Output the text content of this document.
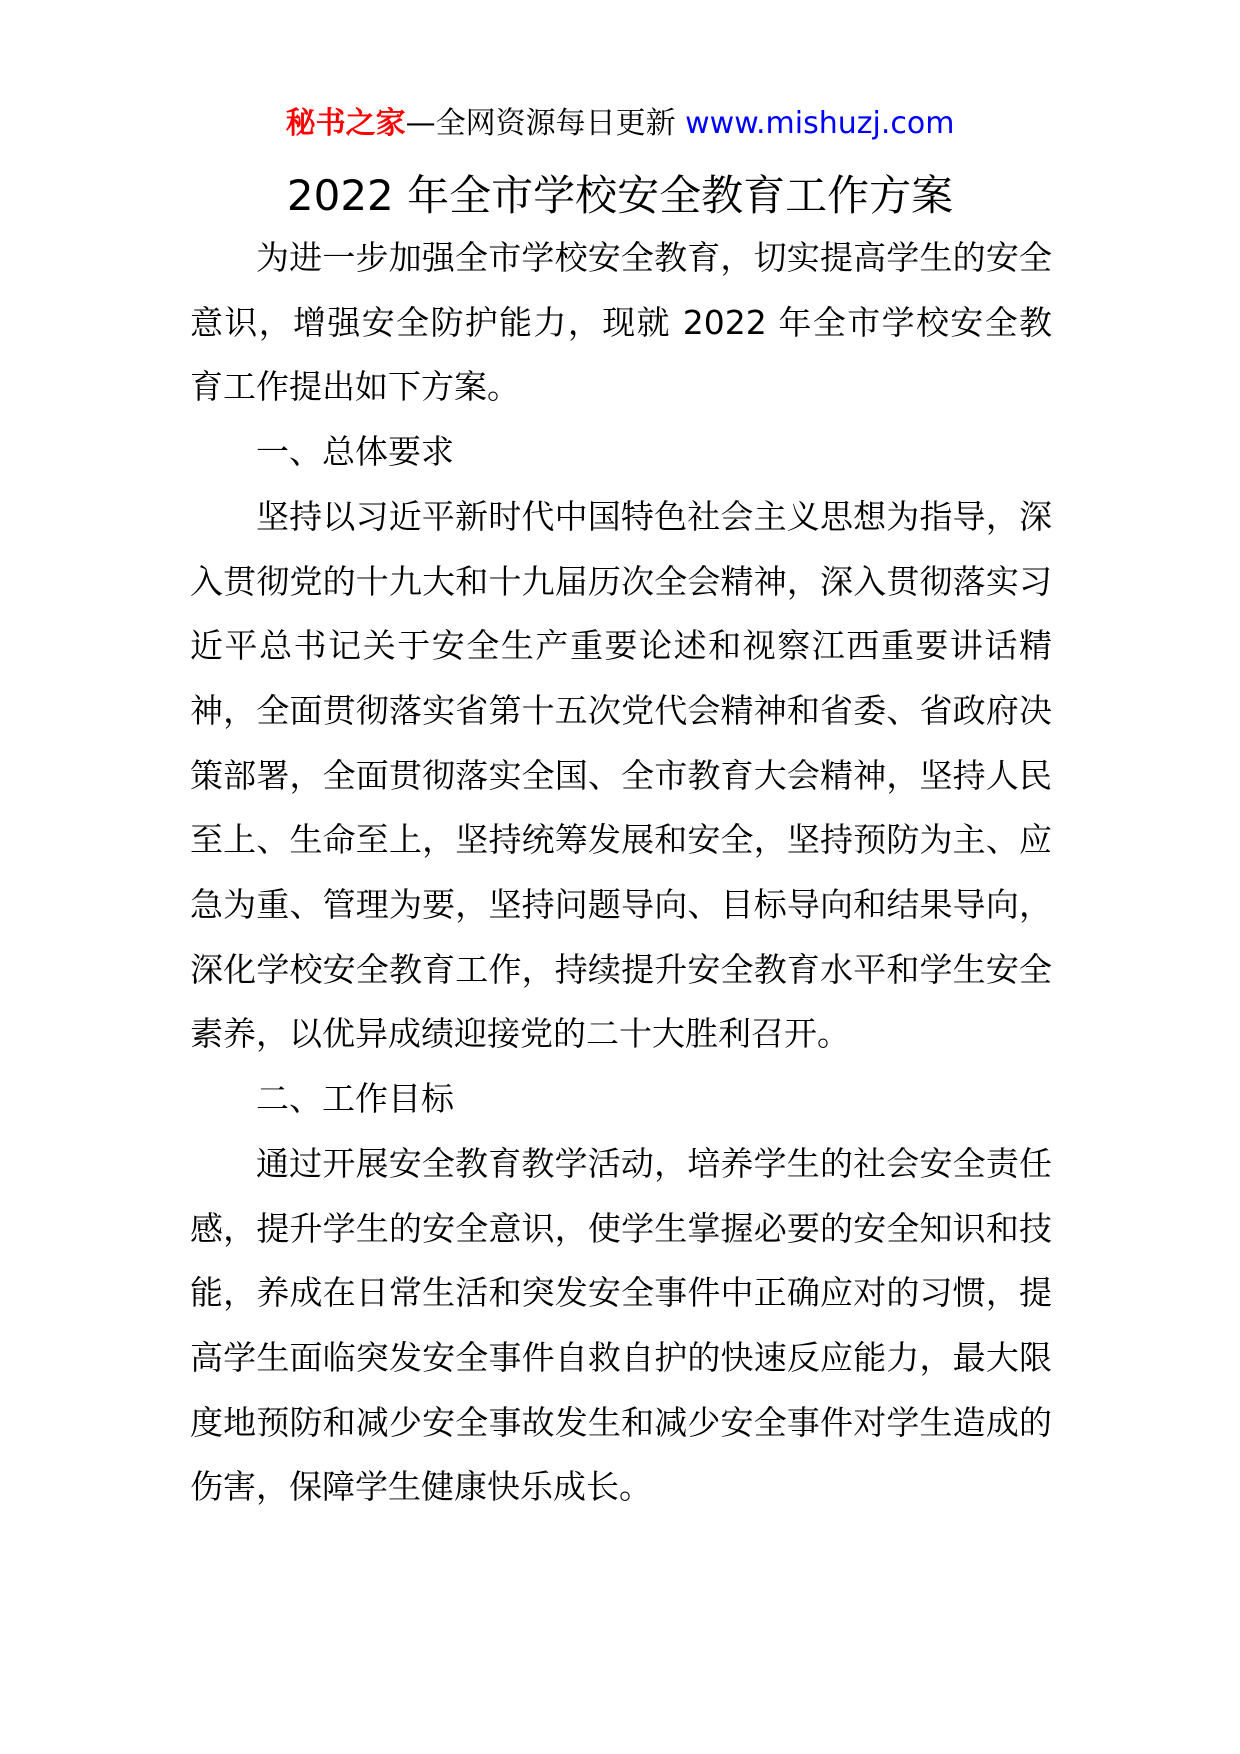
秘书之家—全网资源每日更新 www.mishuzj.com
2022 年全市学校安全教育工作方案

为进一步加强全市学校安全教育，切实提高学生的安全意识，增强安全防护能力，现就 2022 年全市学校安全教育工作提出如下方案。

一、总体要求

坚持以习近平新时代中国特色社会主义思想为指导，深入贯彻党的十九大和十九届历次全会精神，深入贯彻落实习近平总书记关于安全生产重要论述和视察江西重要讲话精神，全面贯彻落实省第十五次党代会精神和省委、省政府决策部署，全面贯彻落实全国、全市教育大会精神，坚持人民至上、生命至上，坚持统筹发展和安全，坚持预防为主、应急为重、管理为要，坚持问题导向、目标导向和结果导向，深化学校安全教育工作，持续提升安全教育水平和学生安全素养，以优异成绩迎接党的二十大胜利召开。

二、工作目标

通过开展安全教育教学活动，培养学生的社会安全责任感，提升学生的安全意识，使学生掌握必要的安全知识和技能，养成在日常生活和突发安全事件中正确应对的习惯，提高学生面临突发安全事件自救自护的快速反应能力，最大限度地预防和减少安全事故发生和减少安全事件对学生造成的伤害，保障学生健康快乐成长。
